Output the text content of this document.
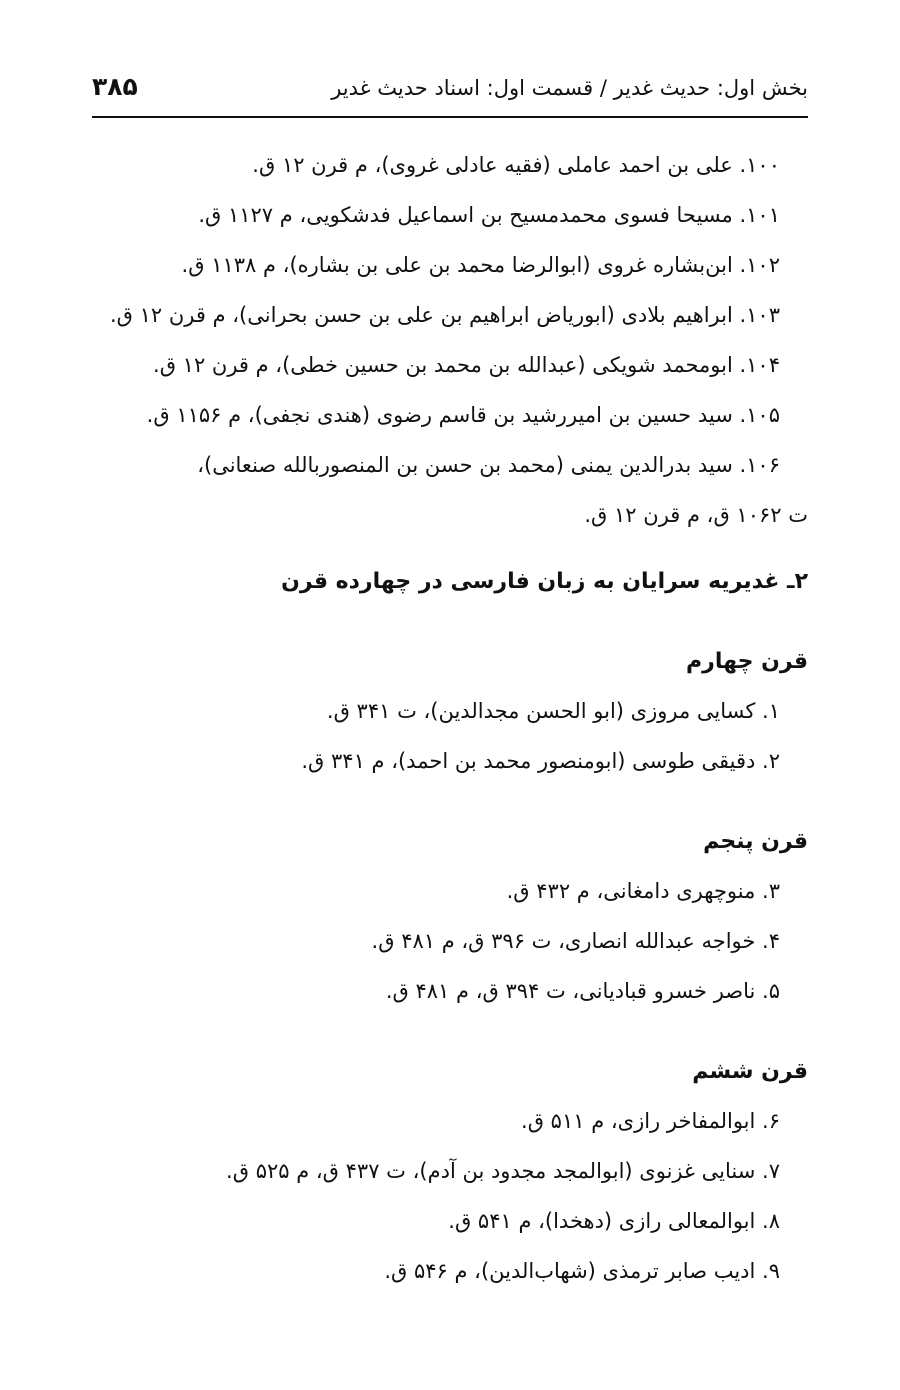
بخش اول: حدیث غدیر / قسمت اول: اسناد حدیث غدیر
۳۸۵
۱۰۰. علی بن احمد عاملی (فقیه عادلی غروی)، م قرن ۱۲ ق.
۱۰۱. مسیحا فسوی محمدمسیح بن اسماعیل فدشکویی، م ۱۱۲۷ ق.
۱۰۲. ابن‌بشاره غروی (ابوالرضا محمد بن علی بن بشاره)، م ۱۱۳۸ ق.
۱۰۳. ابراهیم بلادی (ابوریاض ابراهیم بن علی بن حسن بحرانی)، م قرن ۱۲ ق.
۱۰۴. ابومحمد شویکی (عبدالله بن محمد بن حسین خطی)، م قرن ۱۲ ق.
۱۰۵. سید حسین بن امیررشید بن قاسم رضوی (هندی نجفی)، م ۱۱۵۶ ق.
۱۰۶. سید بدرالدین یمنی (محمد بن حسن بن المنصوربالله صنعانی)،
ت ۱۰۶۲ ق، م قرن ۱۲ ق.
۲ـ غدیریه سرایان به زبان فارسی در چهارده قرن
قرن چهارم
۱. کسایی مروزی (ابو الحسن مجدالدین)، ت ۳۴۱ ق.
۲. دقیقی طوسی (ابومنصور محمد بن احمد)، م ۳۴۱ ق.
قرن پنجم
۳. منوچهری دامغانی، م ۴۳۲ ق.
۴. خواجه عبدالله انصاری، ت ۳۹۶ ق، م ۴۸۱ ق.
۵. ناصر خسرو قبادیانی، ت ۳۹۴ ق، م ۴۸۱ ق.
قرن ششم
۶. ابوالمفاخر رازی، م ۵۱۱ ق.
۷. سنایی غزنوی (ابوالمجد مجدود بن آدم)، ت ۴۳۷ ق، م ۵۲۵ ق.
۸. ابوالمعالی رازی (دهخدا)، م ۵۴۱ ق.
۹. ادیب صابر ترمذی (شهاب‌الدین)، م ۵۴۶ ق.
